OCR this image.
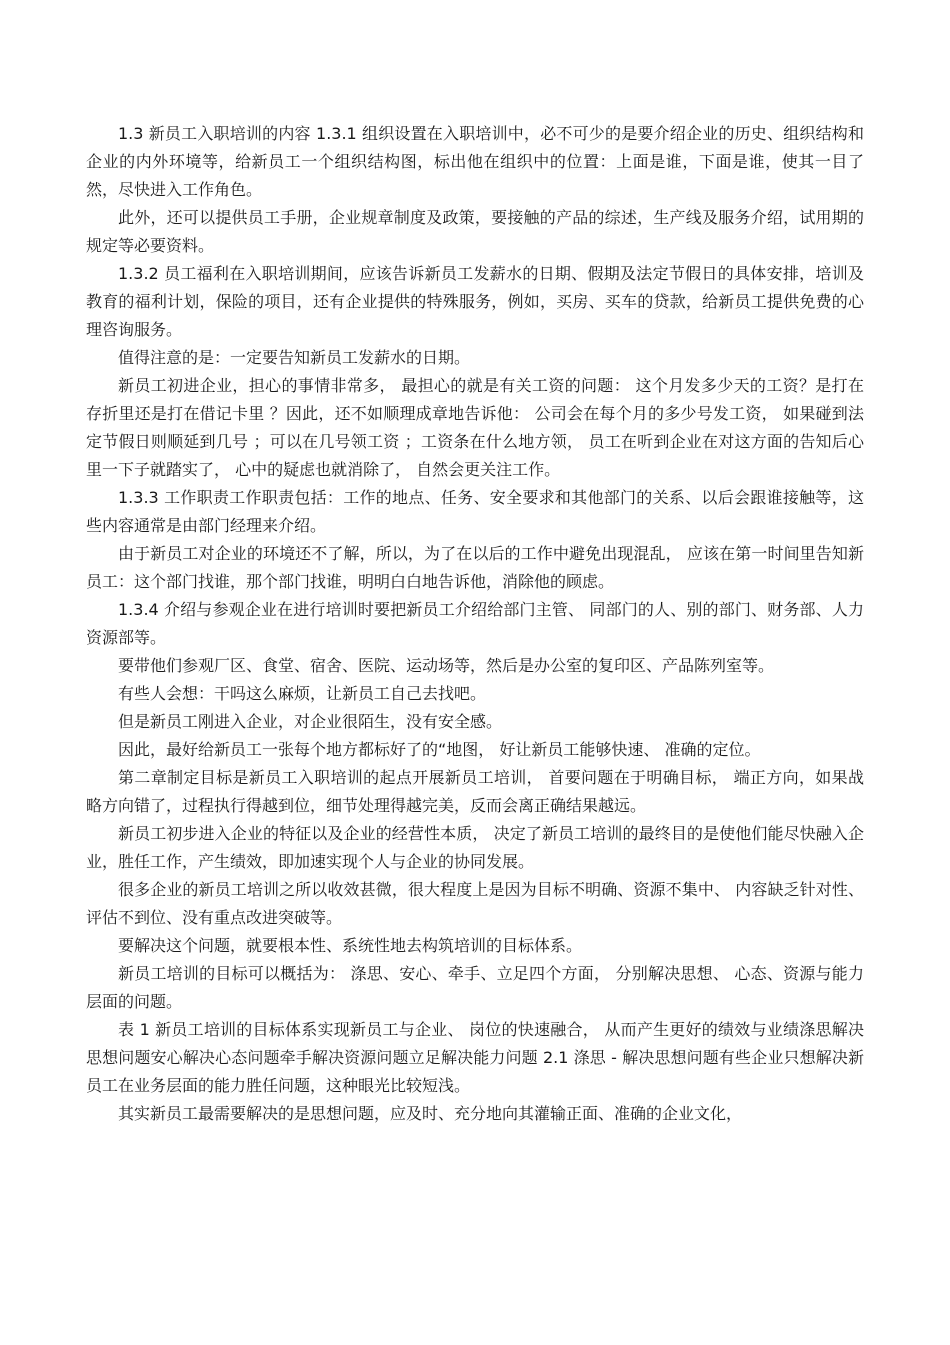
1.3 新员工入职培训的内容 1.3.1 组织设置在入职培训中，必不可少的是要介绍企业的历史、组织结构和企业的内外环境等，给新员工一个组织结构图，标出他在组织中的位置：上面是谁，下面是谁，使其一目了然，尽快进入工作角色。

此外，还可以提供员工手册，企业规章制度及政策，要接触的产品的综述，生产线及服务介绍，试用期的规定等必要资料。

1.3.2 员工福利在入职培训期间，应该告诉新员工发薪水的日期、假期及法定节假日的具体安排，培训及教育的福利计划，保险的项目，还有企业提供的特殊服务，例如，买房、买车的贷款，给新员工提供免费的心理咨询服务。

值得注意的是：一定要告知新员工发薪水的日期。

新员工初进企业，担心的事情非常多， 最担心的就是有关工资的问题： 这个月发多少天的工资？是打在存折里还是打在借记卡里 ？因此，还不如顺理成章地告诉他： 公司会在每个月的多少号发工资， 如果碰到法定节假日则顺延到几号 ；可以在几号领工资 ；工资条在什么地方领， 员工在听到企业在对这方面的告知后心里一下子就踏实了， 心中的疑虑也就消除了， 自然会更关注工作。

1.3.3 工作职责工作职责包括：工作的地点、任务、安全要求和其他部门的关系、以后会跟谁接触等，这些内容通常是由部门经理来介绍。

由于新员工对企业的环境还不了解，所以，为了在以后的工作中避免出现混乱， 应该在第一时间里告知新员工：这个部门找谁，那个部门找谁，明明白白地告诉他，消除他的顾虑。

1.3.4 介绍与参观企业在进行培训时要把新员工介绍给部门主管、 同部门的人、别的部门、财务部、人力资源部等。

要带他们参观厂区、食堂、宿舍、医院、运动场等，然后是办公室的复印区、产品陈列室等。

有些人会想：干吗这么麻烦，让新员工自己去找吧。

但是新员工刚进入企业，对企业很陌生，没有安全感。

因此，最好给新员工一张每个地方都标好了的“地图， 好让新员工能够快速、 准确的定位。

第二章制定目标是新员工入职培训的起点开展新员工培训， 首要问题在于明确目标， 端正方向，如果战略方向错了，过程执行得越到位，细节处理得越完美，反而会离正确结果越远。

新员工初步进入企业的特征以及企业的经营性本质， 决定了新员工培训的最终目的是使他们能尽快融入企业，胜任工作，产生绩效，即加速实现个人与企业的协同发展。

很多企业的新员工培训之所以收效甚微，很大程度上是因为目标不明确、资源不集中、 内容缺乏针对性、评估不到位、没有重点改进突破等。

要解决这个问题，就要根本性、系统性地去构筑培训的目标体系。

新员工培训的目标可以概括为： 涤思、安心、牵手、立足四个方面， 分别解决思想、 心态、资源与能力层面的问题。

表 1 新员工培训的目标体系实现新员工与企业、 岗位的快速融合， 从而产生更好的绩效与业绩涤思解决思想问题安心解决心态问题牵手解决资源问题立足解决能力问题 2.1 涤思 - 解决思想问题有些企业只想解决新员工在业务层面的能力胜任问题，这种眼光比较短浅。

其实新员工最需要解决的是思想问题，应及时、充分地向其灌输正面、准确的企业文化，
